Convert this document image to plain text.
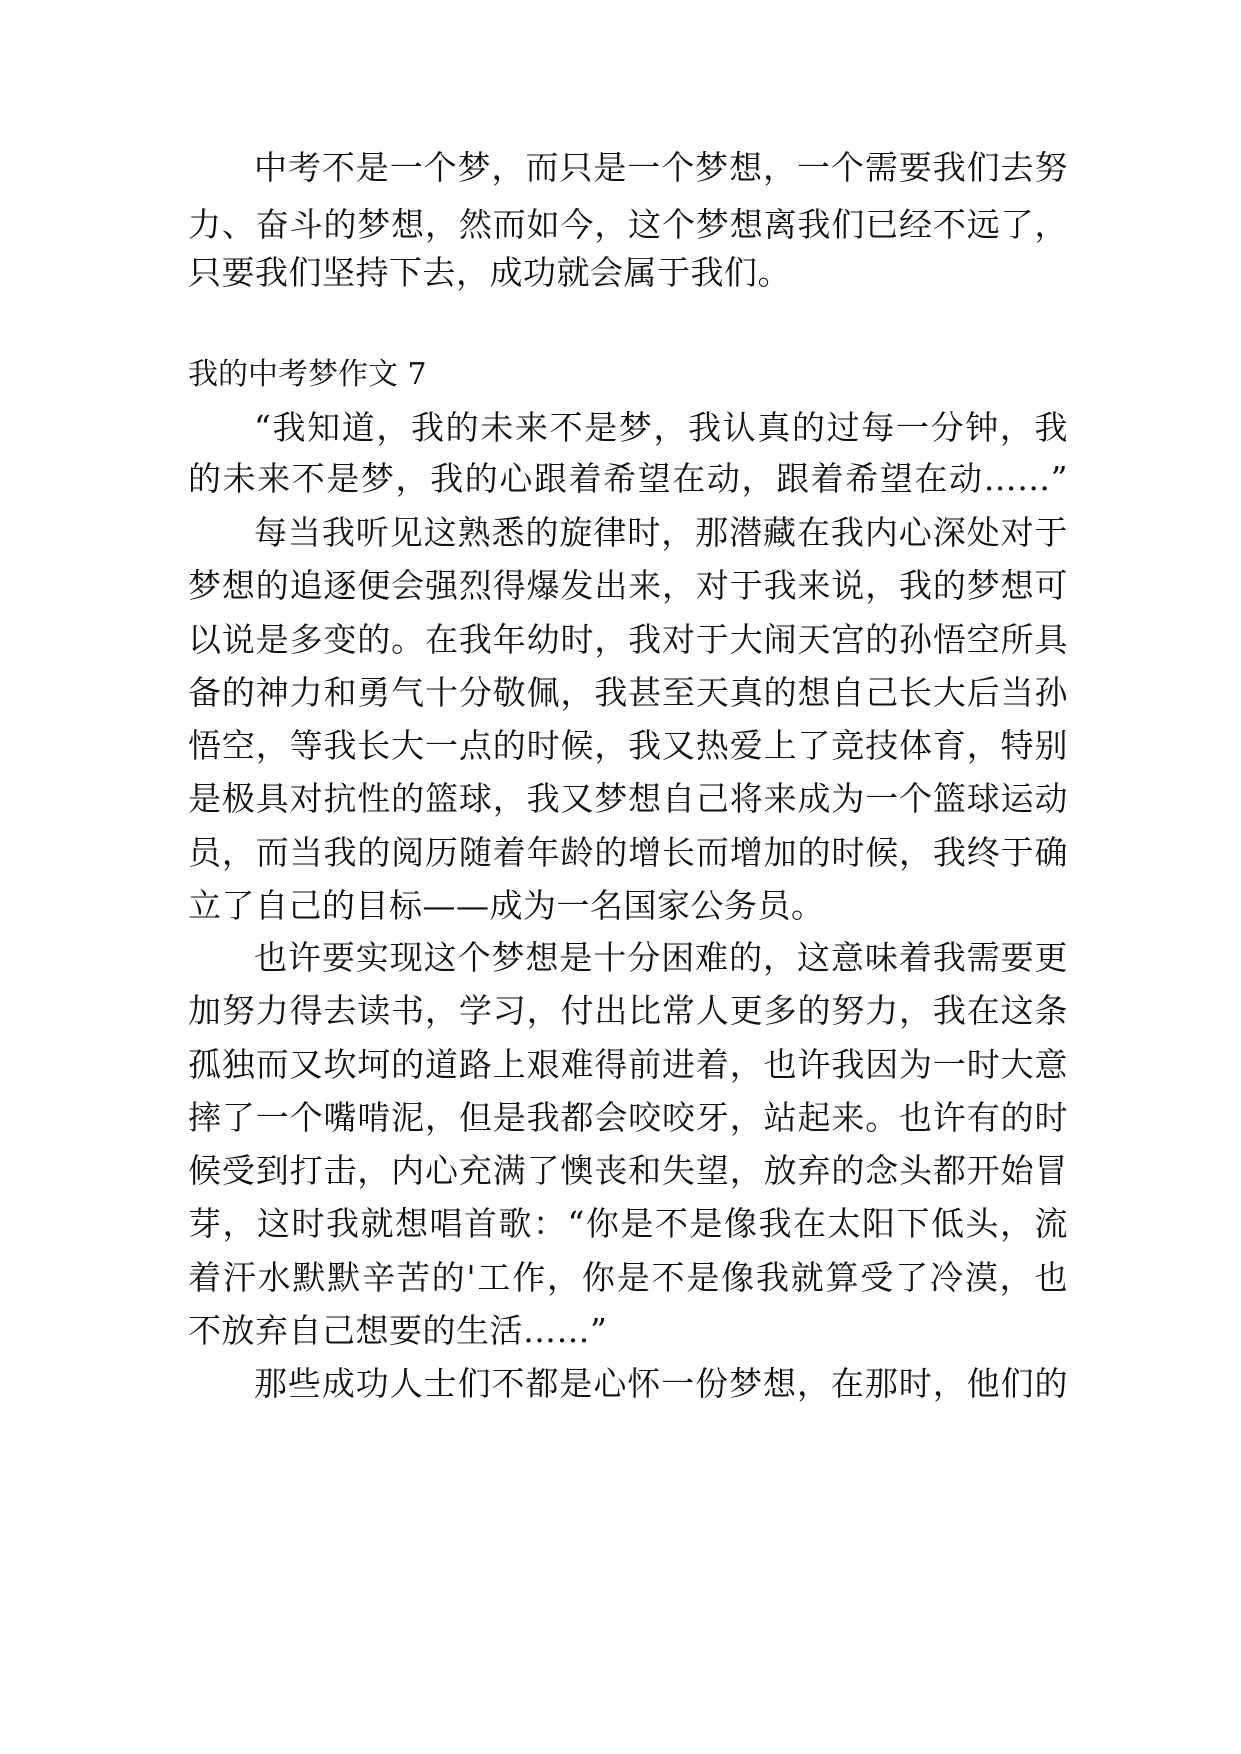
中考不是一个梦，而只是一个梦想，一个需要我们去努
力、奋斗的梦想，然而如今，这个梦想离我们已经不远了，
只要我们坚持下去，成功就会属于我们。
我的中考梦作文 7
“我知道，我的未来不是梦，我认真的过每一分钟，我
的未来不是梦，我的心跟着希望在动，跟着希望在动……”
每当我听见这熟悉的旋律时，那潜藏在我内心深处对于
梦想的追逐便会强烈得爆发出来，对于我来说，我的梦想可
以说是多变的。在我年幼时，我对于大闹天宫的孙悟空所具
备的神力和勇气十分敬佩，我甚至天真的想自己长大后当孙
悟空，等我长大一点的时候，我又热爱上了竞技体育，特别
是极具对抗性的篮球，我又梦想自己将来成为一个篮球运动
员，而当我的阅历随着年龄的增长而增加的时候，我终于确
立了自己的目标——成为一名国家公务员。
也许要实现这个梦想是十分困难的，这意味着我需要更
加努力得去读书，学习，付出比常人更多的努力，我在这条
孤独而又坎坷的道路上艰难得前进着，也许我因为一时大意
摔了一个嘴啃泥，但是我都会咬咬牙，站起来。也许有的时
候受到打击，内心充满了懊丧和失望，放弃的念头都开始冒
芽，这时我就想唱首歌：“你是不是像我在太阳下低头，流
着汗水默默辛苦的'工作，你是不是像我就算受了冷漠，也
不放弃自己想要的生活……”
那些成功人士们不都是心怀一份梦想，在那时，他们的
